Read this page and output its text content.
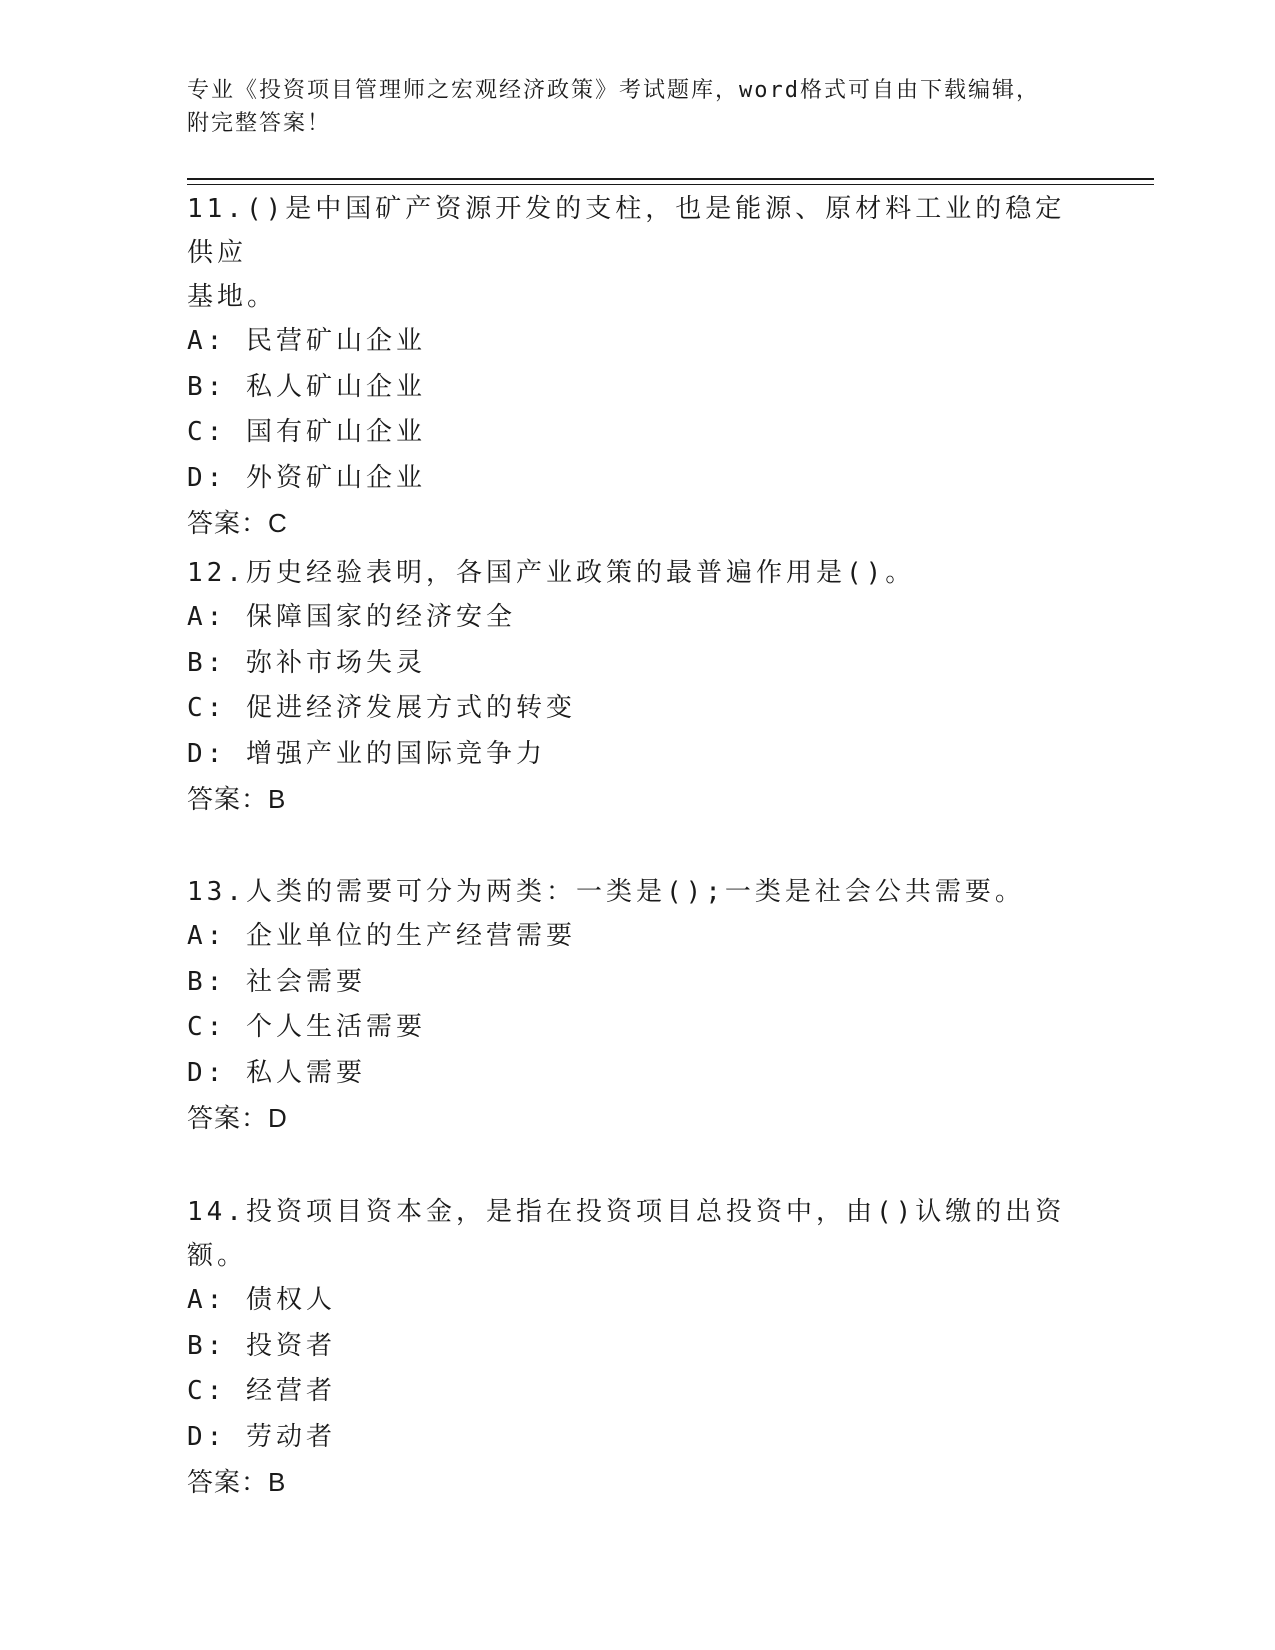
专业《投资项目管理师之宏观经济政策》考试题库，word格式可自由下载编辑，
附完整答案！

11.()是中国矿产资源开发的支柱，也是能源、原材料工业的稳定供应

基地。

A: 民营矿山企业

B: 私人矿山企业

C: 国有矿山企业

D: 外资矿山企业

答案：C

12.历史经验表明，各国产业政策的最普遍作用是()。

A: 保障国家的经济安全

B: 弥补市场失灵

C: 促进经济发展方式的转变

D: 增强产业的国际竞争力

答案：B

13.人类的需要可分为两类：一类是();一类是社会公共需要。

A: 企业单位的生产经营需要

B: 社会需要

C: 个人生活需要

D: 私人需要

答案：D

14.投资项目资本金，是指在投资项目总投资中，由()认缴的出资额。

A: 债权人

B: 投资者

C: 经营者

D: 劳动者

答案：B
